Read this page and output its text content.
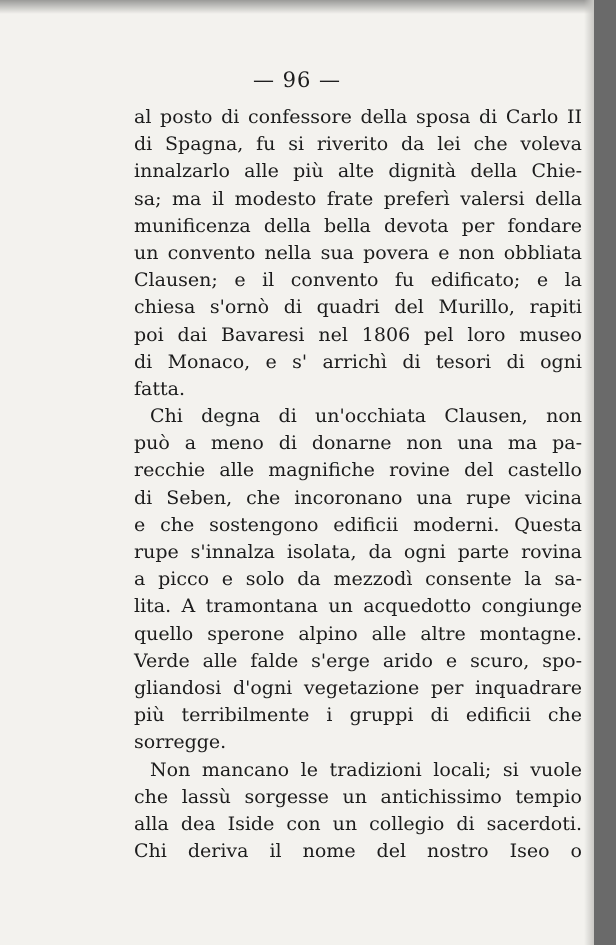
— 96 —
al posto di confessore della sposa di Carlo II
di Spagna, fu si riverito da lei che voleva
innalzarlo alle più alte dignità della Chie-
sa; ma il modesto frate preferì valersi della
munificenza della bella devota per fondare
un convento nella sua povera e non obbliata
Clausen; e il convento fu edificato; e la
chiesa s'ornò di quadri del Murillo, rapiti
poi dai Bavaresi nel 1806 pel loro museo
di Monaco, e s' arrichì di tesori di ogni
fatta.
Chi degna di un'occhiata Clausen, non
può a meno di donarne non una ma pa-
recchie alle magnifiche rovine del castello
di Seben, che incoronano una rupe vicina
e che sostengono edificii moderni. Questa
rupe s'innalza isolata, da ogni parte rovina
a picco e solo da mezzodì consente la sa-
lita. A tramontana un acquedotto congiunge
quello sperone alpino alle altre montagne.
Verde alle falde s'erge arido e scuro, spo-
gliandosi d'ogni vegetazione per inquadrare
più terribilmente i gruppi di edificii che
sorregge.
Non mancano le tradizioni locali; si vuole
che lassù sorgesse un antichissimo tempio
alla dea Iside con un collegio di sacerdoti.
Chi deriva il nome del nostro Iseo o
